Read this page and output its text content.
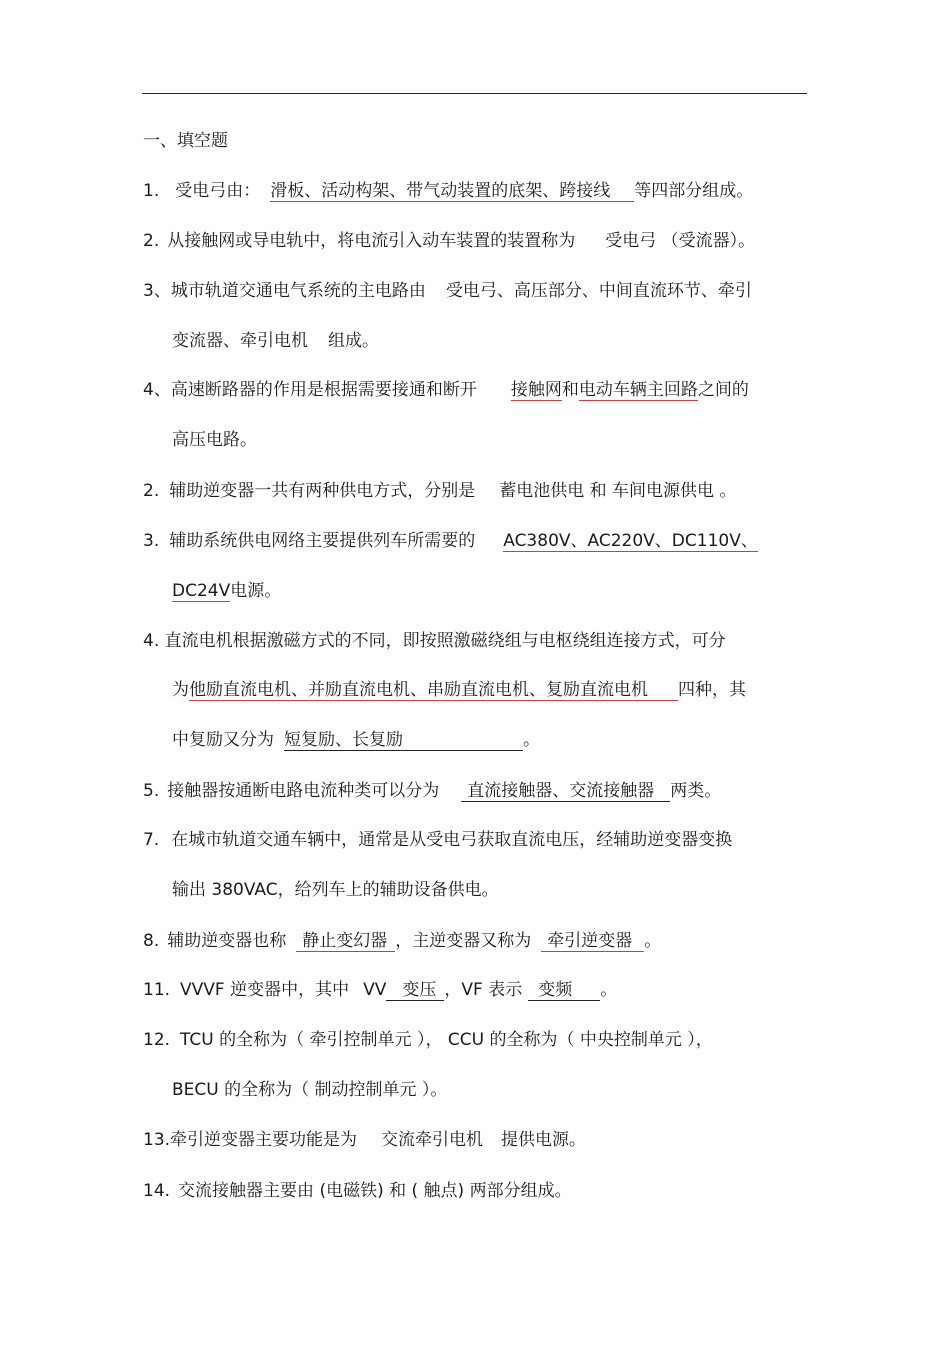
一、填空题
1. 受电弓由： 滑板、活动构架、带气动装置的底架、跨接线 等四部分组成。
2. 从接触网或导电轨中，将电流引入动车装置的装置称为 受电弓 （受流器）。
3、城市轨道交通电气系统的主电路由 受电弓、高压部分、中间直流环节、牵引
变流器、牵引电机 组成。
4、高速断路器的作用是根据需要接通和断开 接触网和电动车辆主回路之间的
高压电路。
2. 辅助逆变器一共有两种供电方式，分别是 蓄电池供电 和 车间电源供电 。
3. 辅助系统供电网络主要提供列车所需要的 AC380V、AC220V、DC110V、
DC24V电源。
4. 直流电机根据激磁方式的不同，即按照激磁绕组与电枢绕组连接方式，可分
为他励直流电机、并励直流电机、串励直流电机、复励直流电机 四种，其
中复励又分为 短复励、长复励	。
5. 接触器按通断电路电流种类可以分为 直流接触器、交流接触器 两类。
7. 在城市轨道交通车辆中，通常是从受电弓获取直流电压，经辅助逆变器变换
输出 380VAC，给列车上的辅助设备供电。
8. 辅助逆变器也称 静止变幻器 ，主逆变器又称为 牵引逆变器 。
11. VVVF 逆变器中，其中 VV 变压 ，VF 表示 变频 。
12. TCU 的全称为（ 牵引控制单元 ）， CCU 的全称为（ 中央控制单元 ），
BECU 的全称为（ 制动控制单元 ）。
13.牵引逆变器主要功能是为 交流牵引电机 提供电源。
14. 交流接触器主要由 (电磁铁) 和 ( 触点) 两部分组成。
